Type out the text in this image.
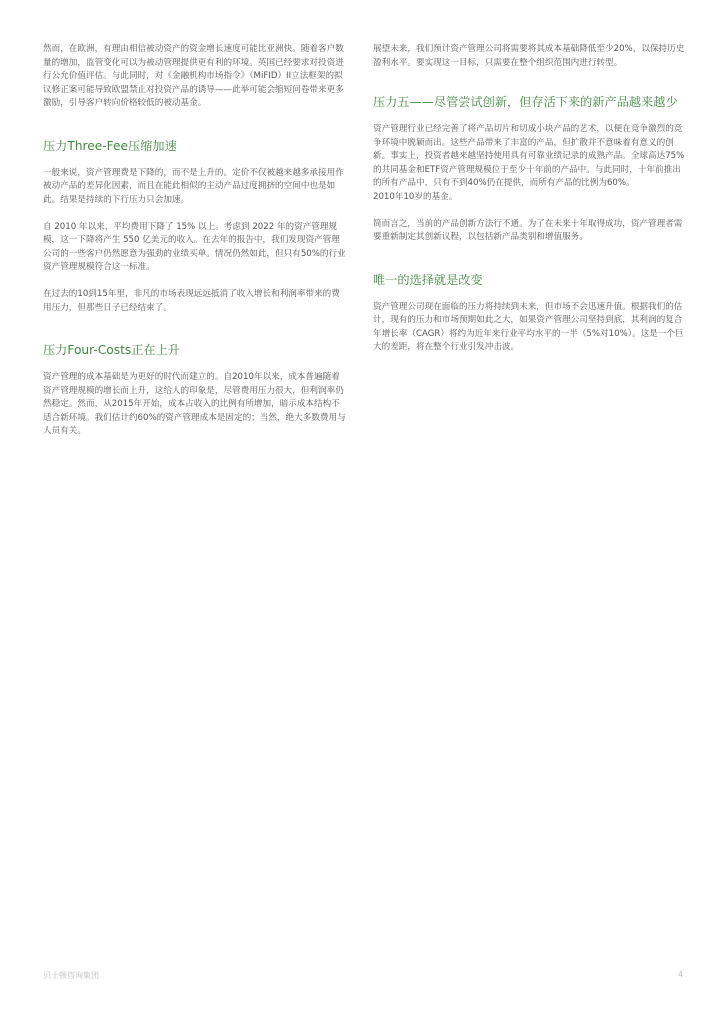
然而，在欧洲，有理由相信被动资产的资金增长速度可能比亚洲快。随着客户数量的增加，监管变化可以为被动管理提供更有利的环境。英国已经要求对投资进行公允价值评估。与此同时，对《金融机构市场指令》（MiFID）II立法框架的拟议修正案可能导致欧盟禁止对投资产品的诱导——此举可能会缩短问卷带来更多激励，引导客户转向价格较低的被动基金。

压力Three-Fee压缩加速

一般来说，资产管理费是下降的，而不是上升的。定价不仅被越来越多承接用作被动产品的差异化因素，而且在能此相似的主动产品过度拥挤的空间中也是如此。结果是持续的下行压力只会加速。

自 2010 年以来，平均费用下降了 15% 以上。考虑到 2022 年的资产管理规模，这一下降将产生 550 亿美元的收入。在去年的报告中，我们发现资产管理公司的一些客户仍然愿意为强劲的业绩买单。情况仍然如此，但只有50%的行业资产管理规模符合这一标准。

在过去的10到15年里，非凡的市场表现远远抵消了收入增长和利润率带来的费用压力，但那些日子已经结束了。

压力Four-Costs正在上升

资产管理的成本基础是为更好的时代而建立的。自2010年以来，成本普遍随着资产管理规模的增长而上升，这给人的印象是，尽管费用压力很大，但利润率仍然稳定。然而，从2015年开始，成本占收入的比例有所增加，暗示成本结构不适合新环境。我们估计约60%的资产管理成本是固定的；当然，绝大多数费用与人员有关。

展望未来，我们预计资产管理公司将需要将其成本基础降低至少20%，以保持历史盈利水平。要实现这一目标，只需要在整个组织范围内进行转型。

压力五——尽管尝试创新，但存活下来的新产品越来越少

资产管理行业已经完善了将产品切片和切成小块产品的艺术，以便在竞争激烈的竞争环境中脱颖而出。这些产品带来了丰富的产品，但扩散并不意味着有意义的创新。事实上，投资者越来越坚持使用具有可靠业绩记录的成熟产品。全球高达75%的共同基金和ETF资产管理规模位于至少十年前的产品中。与此同时，十年前推出的所有产品中，只有不到40%仍在提供，而所有产品的比例为60%。

2010年10岁的基金。

简而言之，当前的产品创新方法行不通。为了在未来十年取得成功，资产管理者需要重新制定其创新议程，以包括新产品类别和增值服务。

唯一的选择就是改变

资产管理公司现在面临的压力将持续到未来，但市场不会迅速升值。根据我们的估计，现有的压力和市场预期如此之大，如果资产管理公司坚持到底，其利润的复合年增长率（CAGR）将约为近年来行业平均水平的一半（5%对10%）。这是一个巨大的差距，将在整个行业引发冲击波。

贝士顿咨询集团	4
